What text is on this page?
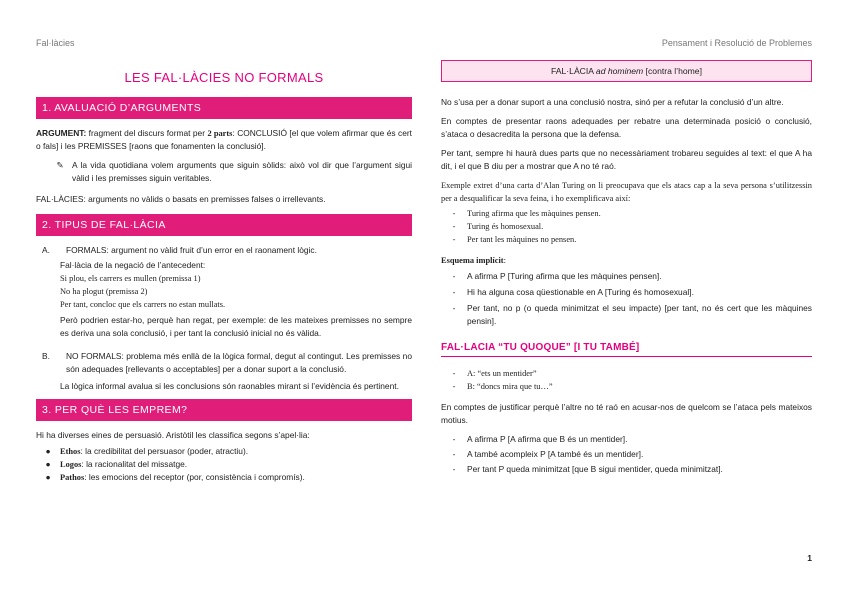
Fal·làcies	Pensament i Resolució de Problemes
LES FAL·LÀCIES NO FORMALS
1. AVALUACIÓ D’ARGUMENTS

ARGUMENT: fragment del discurs format per 2 parts: CONCLUSIÓ [el que volem afirmar que és cert o fals] i les PREMISSES [raons que fonamenten la conclusió].

✎	A la vida quotidiana volem arguments que siguin sòlids: això vol dir que l’argument sigui vàlid i les premisses siguin veritables.

FAL·LÀCIES: arguments no vàlids o basats en premisses falses o irrellevants.

2. TIPUS DE FAL·LÀCIA
A.	FORMALS: argument no vàlid fruit d’un error en el raonament lògic.
Fal·làcia de la negació de l’antecedent:
Si plou, els carrers es mullen (premissa 1)
No ha plogut (premissa 2)
Per tant, concloc que els carrers no estan mullats.
Però podrien estar-ho, perquè han regat, per exemple: de les mateixes premisses no sempre es deriva una sola conclusió, i per tant la conclusió inicial no és vàlida.
B.	NO FORMALS: problema més enllà de la lògica formal, degut al contingut. Les premisses no són adequades [rellevants o acceptables] per a donar suport a la conclusió.
La lògica informal avalua si les conclusions són raonables mirant si l’evidència és pertinent.
3. PER QUÈ LES EMPREM?

Hi ha diverses eines de persuasió. Aristòtil les classifica segons s’apel·lia:

●	Ethos: la credibilitat del persuasor (poder, atractiu).
●	Logos: la racionalitat del missatge.
●	Pathos: les emocions del receptor (por, consistència i compromís).
FAL·LÀCIA ad hominem [contra l’home]

No s’usa per a donar suport a una conclusió nostra, sinó per a refutar la conclusió d’un altre.

En comptes de presentar raons adequades per rebatre una determinada posició o conclusió, s’ataca o desacredita la persona que la defensa.

Per tant, sempre hi haurà dues parts que no necessàriament trobareu seguides al text: el que A ha dit, i el que B diu per a mostrar que A no té raó.

Exemple extret d’una carta d’Alan Turing on li preocupava que els atacs cap a la seva persona s’utilitzessin per a desqualificar la seva feina, i ho exemplificava així:

-	Turing afirma que les màquines pensen.
-	Turing és homosexual.
-	Per tant les màquines no pensen.

Esquema implícit:

-	A afirma P [Turing afirma que les màquines pensen].
-	Hi ha alguna cosa qüestionable en A [Turing és homosexual].
-	Per tant, no p (o queda minimitzat el seu impacte) [per tant, no és cert que les màquines pensin].
FAL·LACIA “TU QUOQUE” [I TU TAMBÉ]
-	A: “ets un mentider”
-	B: “doncs mira que tu…”

En comptes de justificar perquè l’altre no té raó en acusar-nos de quelcom se l’ataca pels mateixos motius.

-	A afirma P [A afirma que B és un mentider].
-	A també acompleix P [A també és un mentider].
-	Per tant P queda minimitzat [que B sigui mentider, queda minimitzat].
1
